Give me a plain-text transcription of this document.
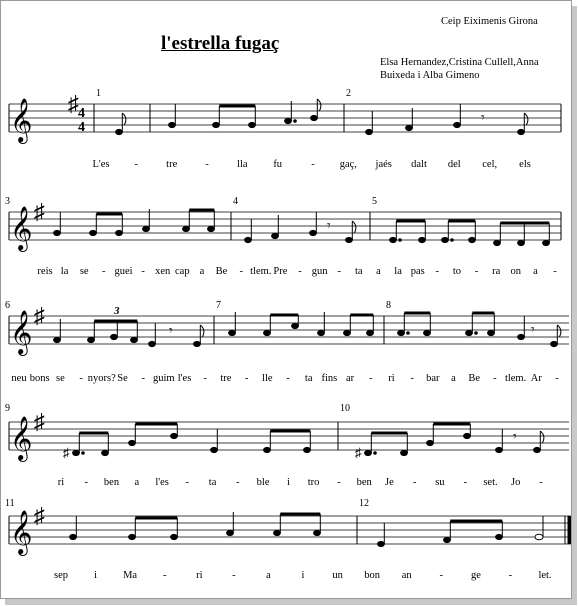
Ceip Eiximenis Girona
l'estrella fugaç
Elsa Hernandez,Cristina Cullell,Anna
Buixeda i Alba Gimeno
L'es -	tre	-	lla fu	- gaç, jaés dalt del cel, els
reis la se - guei - xen cap a Be - tlem. Pre - gun - ta a la pas - to - ra on a -
neu bons se - nyors? Se - guim l'es - tre - lle - ta fins ar - ri - bar a Be - tlem. Ar -
ri - ben a l'es - ta - ble i tro - ben Je - su - set. Jo -
sep i Ma -	ri	-	a	i	un bon an	-	ge	-	let.
𝄞 ♯ 4
4
𝄾
𝄞 ♯
𝄾
𝄞 ♯	3
𝄾	𝄾
𝄞 ♯
♯	♯
𝄾
𝄞 ♯
1	2
3	4	5
6	7	8
9	10
11	12
